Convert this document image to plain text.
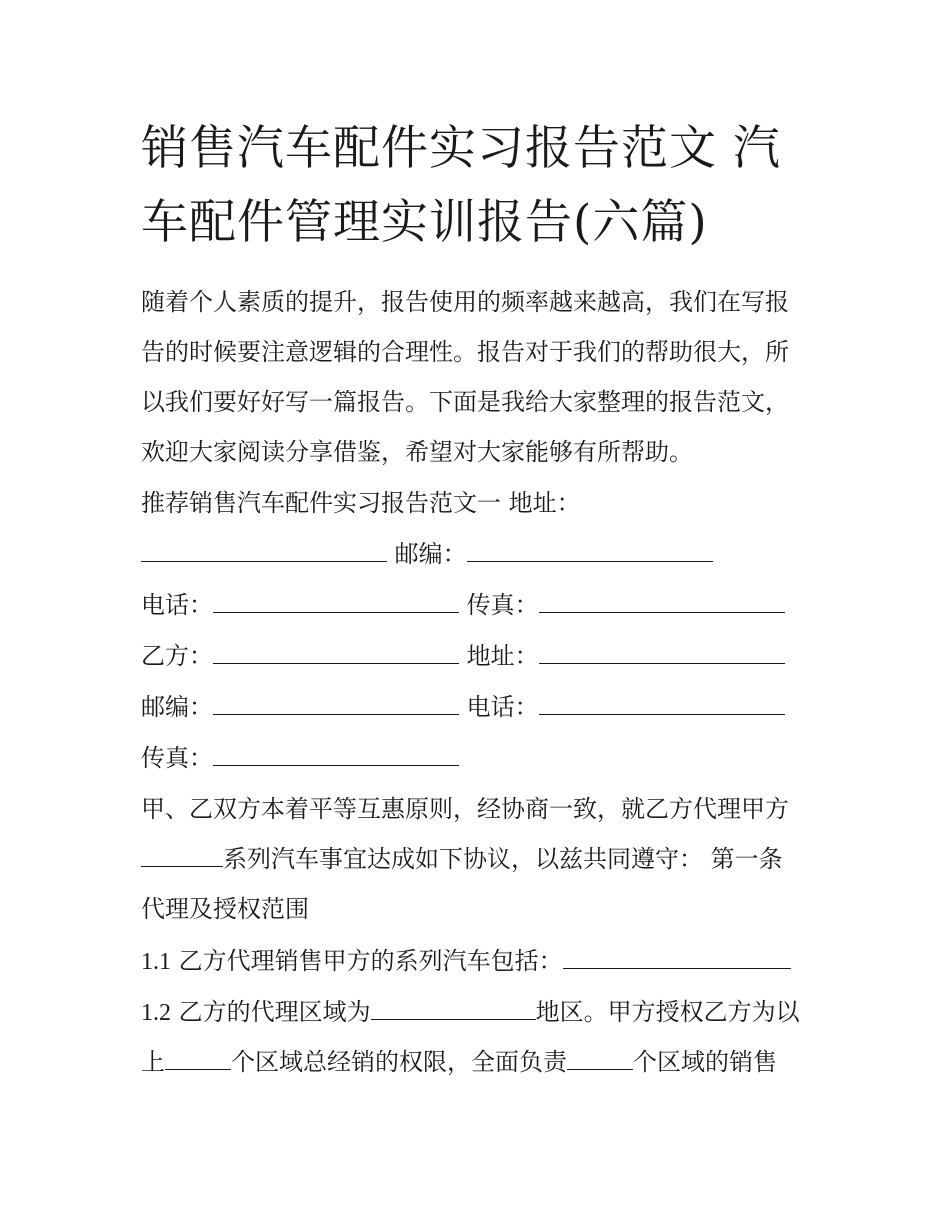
销售汽车配件实习报告范文 汽车配件管理实训报告(六篇)
随着个人素质的提升，报告使用的频率越来越高，我们在写报
告的时候要注意逻辑的合理性。报告对于我们的帮助很大，所
以我们要好好写一篇报告。下面是我给大家整理的报告范文，
欢迎大家阅读分享借鉴，希望对大家能够有所帮助。
推荐销售汽车配件实习报告范文一 地址：
邮编：
电话：	传真：
乙方：	地址：
邮编：	电话：
传真：
甲、乙双方本着平等互惠原则，经协商一致，就乙方代理甲方
系列汽车事宜达成如下协议，以兹共同遵守： 第一条
代理及授权范围
1.1 乙方代理销售甲方的系列汽车包括：
1.2 乙方的代理区域为	地区。甲方授权乙方为以
上	个区域总经销的权限，全面负责	个区域的销售
